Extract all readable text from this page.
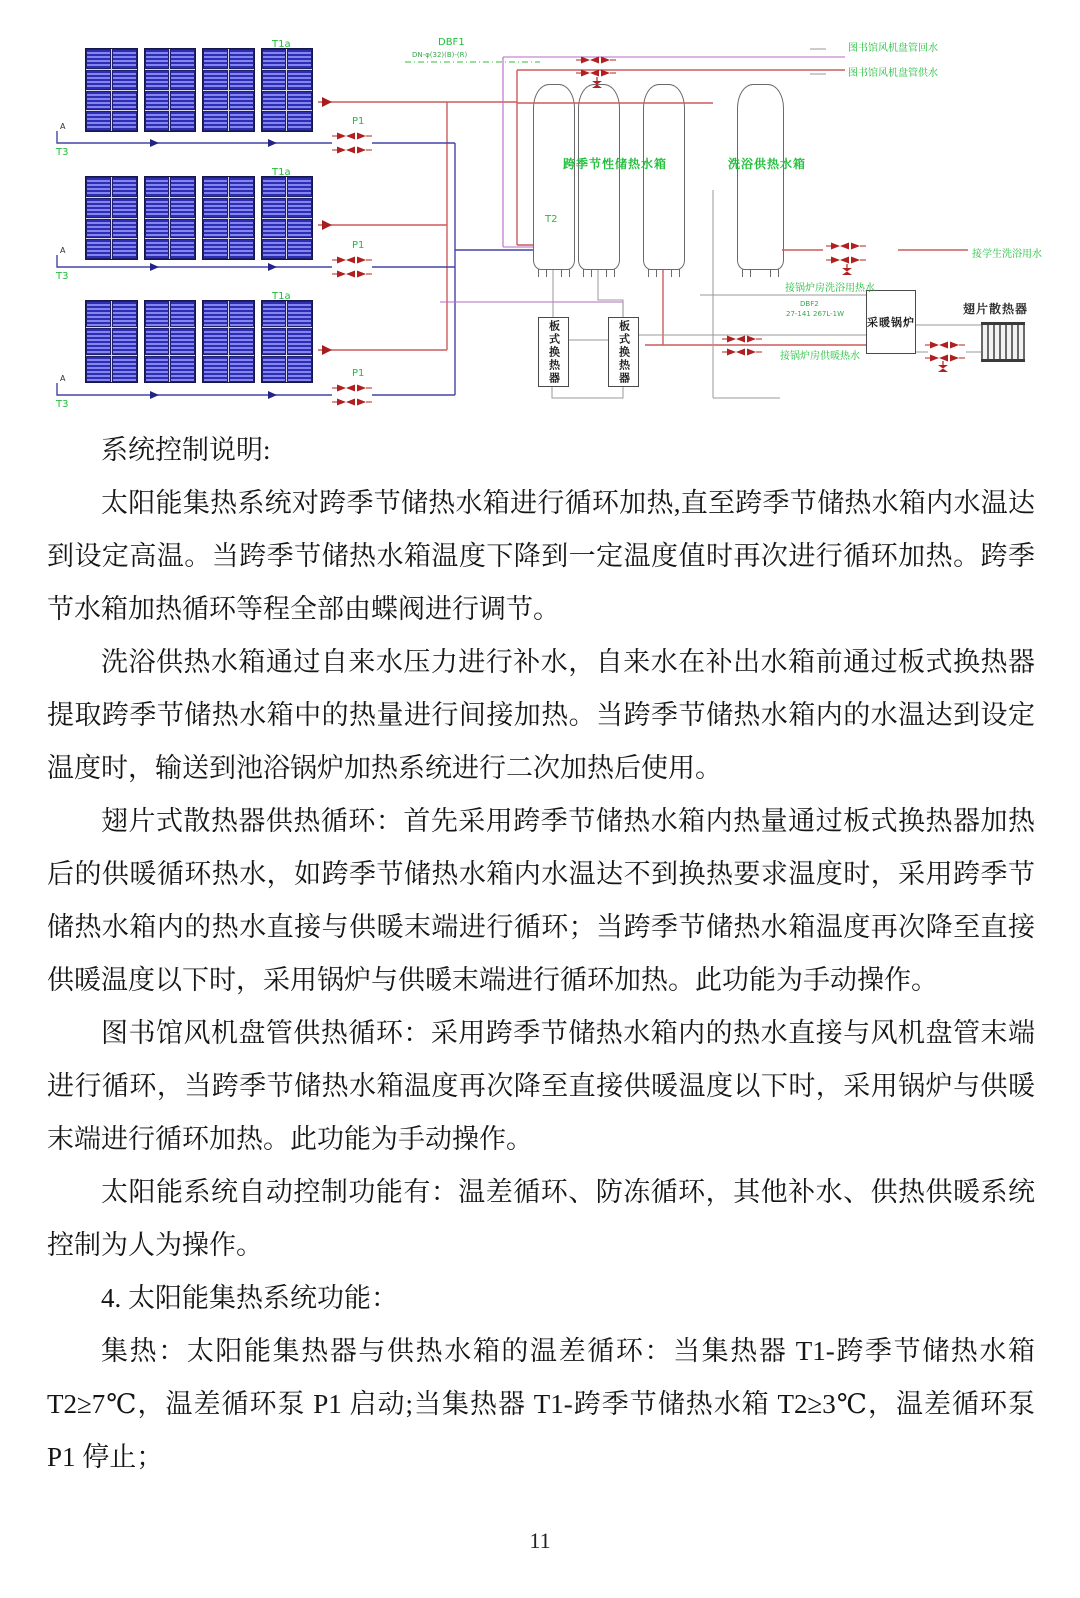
板式换热器	板式换热器	采暖锅炉
T1a
T1a
T1a
A
A
A
T3
T3
T3
P1
P1
P1
T2
DBF1
DN-φ(32)(B)-(R)
DBF2
27-141 267L-1W
跨季节性储热水箱	洗浴供热水箱
翅片散热器
图书馆风机盘管回水
图书馆风机盘管供水
接学生洗浴用水
接锅炉房洗浴用热水
接锅炉房供暖热水

系统控制说明:

太阳能集热系统对跨季节储热水箱进行循环加热,直至跨季节储热水箱内水温达到设定高温。当跨季节储热水箱温度下降到一定温度值时再次进行循环加热。跨季节水箱加热循环等程全部由蝶阀进行调节。

洗浴供热水箱通过自来水压力进行补水，自来水在补出水箱前通过板式换热器提取跨季节储热水箱中的热量进行间接加热。当跨季节储热水箱内的水温达到设定温度时，输送到池浴锅炉加热系统进行二次加热后使用。

翅片式散热器供热循环：首先采用跨季节储热水箱内热量通过板式换热器加热后的供暖循环热水，如跨季节储热水箱内水温达不到换热要求温度时，采用跨季节储热水箱内的热水直接与供暖末端进行循环；当跨季节储热水箱温度再次降至直接供暖温度以下时，采用锅炉与供暖末端进行循环加热。此功能为手动操作。

图书馆风机盘管供热循环：采用跨季节储热水箱内的热水直接与风机盘管末端进行循环，当跨季节储热水箱温度再次降至直接供暖温度以下时，采用锅炉与供暖末端进行循环加热。此功能为手动操作。

太阳能系统自动控制功能有：温差循环、防冻循环，其他补水、供热供暖系统控制为人为操作。

4. 太阳能集热系统功能：

集热：太阳能集热器与供热水箱的温差循环：当集热器 T1-跨季节储热水箱 T2≥7℃，温差循环泵 P1 启动;当集热器 T1-跨季节储热水箱 T2≥3℃，温差循环泵 P1 停止；

11
